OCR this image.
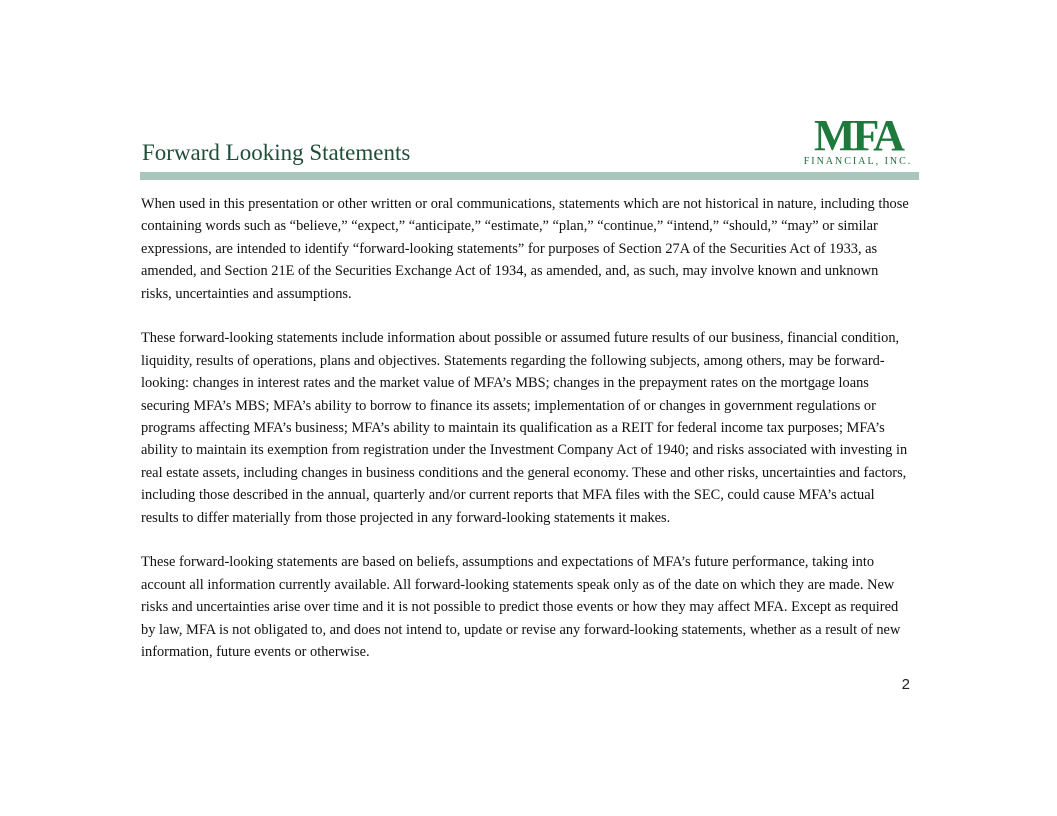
Forward Looking Statements	MFA
FINANCIAL, INC.

When used in this presentation or other written or oral communications, statements which are not historical in nature, including those containing words such as “believe,” “expect,” “anticipate,” “estimate,” “plan,” “continue,” “intend,” “should,” “may” or similar expressions, are intended to identify “forward-looking statements” for purposes of Section 27A of the Securities Act of 1933, as amended, and Section 21E of the Securities Exchange Act of 1934, as amended, and, as such, may involve known and unknown risks, uncertainties and assumptions.

These forward-looking statements include information about possible or assumed future results of our business, financial condition, liquidity, results of operations, plans and objectives. Statements regarding the following subjects, among others, may be forward-looking: changes in interest rates and the market value of MFA’s MBS; changes in the prepayment rates on the mortgage loans securing MFA’s MBS; MFA’s ability to borrow to finance its assets; implementation of or changes in government regulations or programs affecting MFA’s business; MFA’s ability to maintain its qualification as a REIT for federal income tax purposes; MFA’s ability to maintain its exemption from registration under the Investment Company Act of 1940; and risks associated with investing in real estate assets, including changes in business conditions and the general economy. These and other risks, uncertainties and factors, including those described in the annual, quarterly and/or current reports that MFA files with the SEC, could cause MFA’s actual results to differ materially from those projected in any forward-looking statements it makes.

These forward-looking statements are based on beliefs, assumptions and expectations of MFA’s future performance, taking into account all information currently available. All forward-looking statements speak only as of the date on which they are made. New risks and uncertainties arise over time and it is not possible to predict those events or how they may affect MFA. Except as required by law, MFA is not obligated to, and does not intend to, update or revise any forward-looking statements, whether as a result of new information, future events or otherwise.

2
